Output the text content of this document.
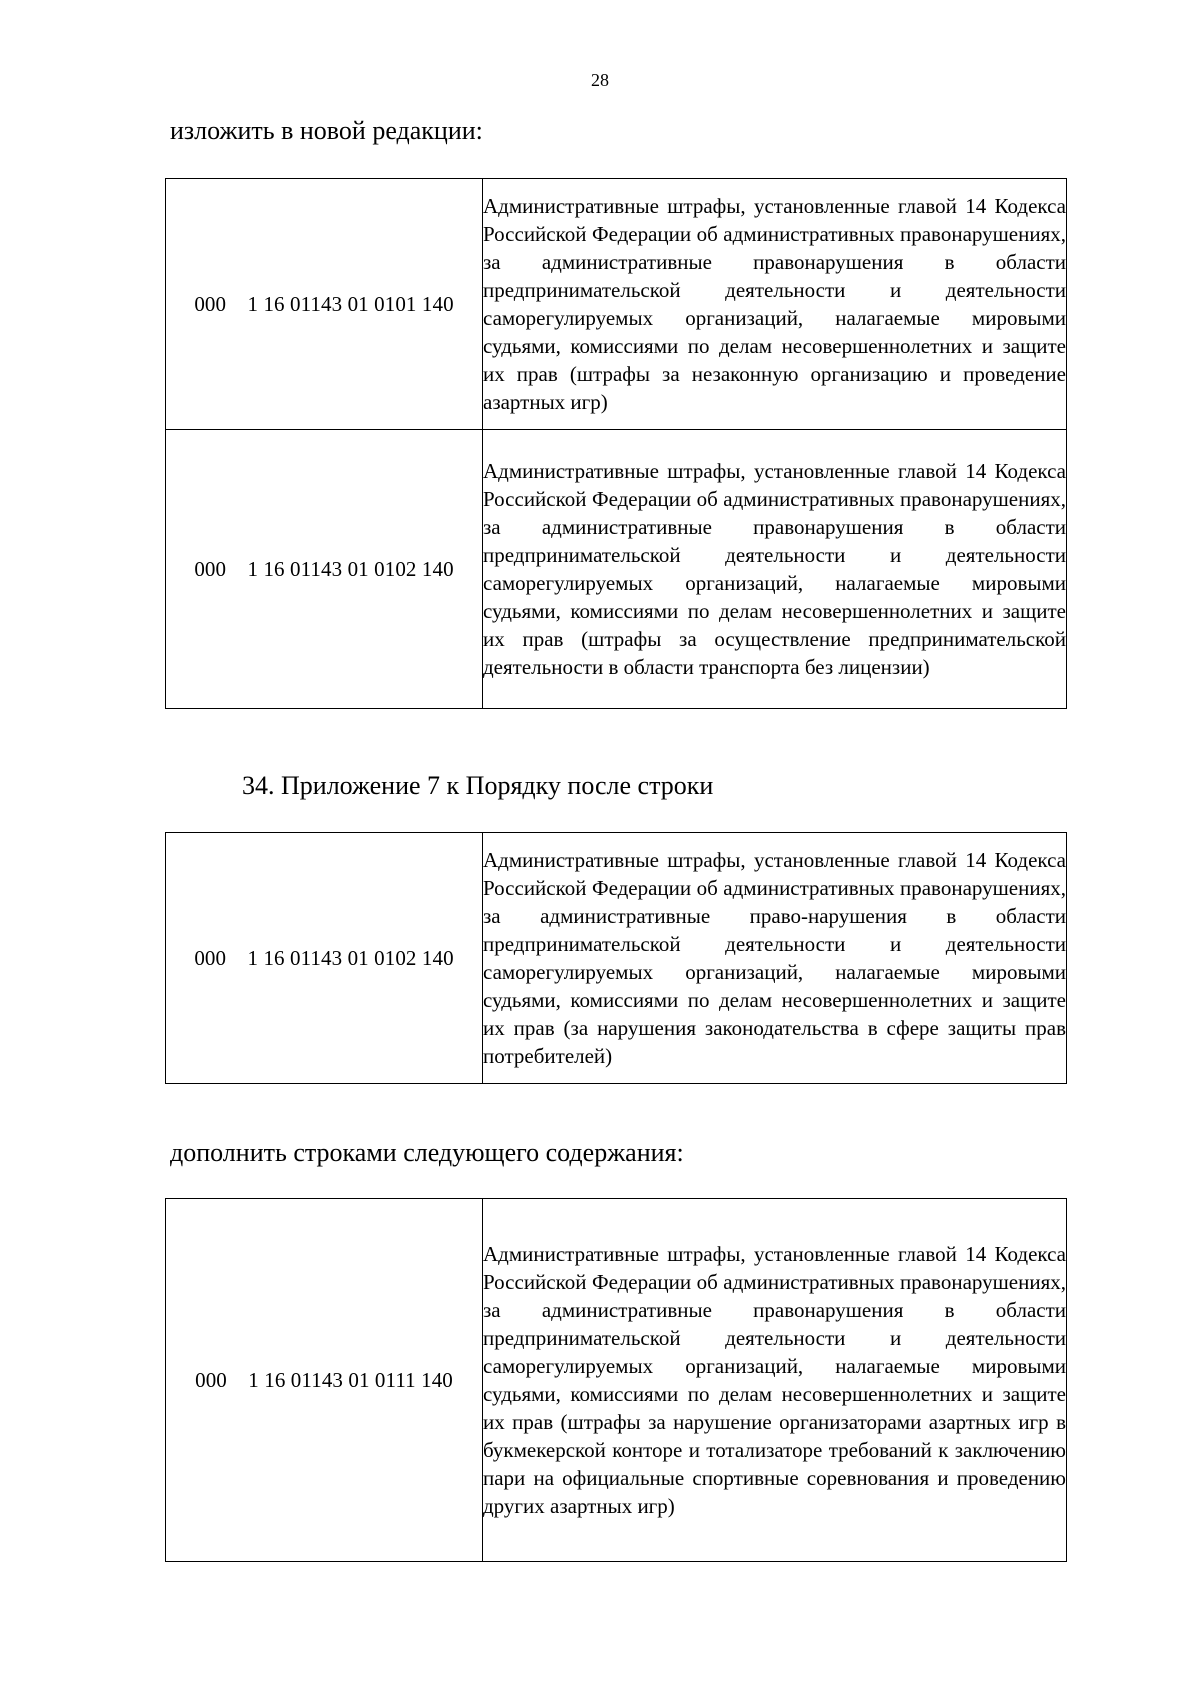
28
изложить в новой редакции:
000    1 16 01143 01 0101 140	Административные штрафы, установленные главой 14 Кодекса Российской Федерации об административных правонарушениях, за административные правонарушения в области предпринимательской деятельности и деятельности саморегулируемых организаций, налагаемые мировыми судьями, комиссиями по делам несовершеннолетних и защите их прав (штрафы за незаконную организацию и проведение азартных игр)
000    1 16 01143 01 0102 140	Административные штрафы, установленные главой 14 Кодекса Российской Федерации об административных правонарушениях, за административные правонарушения в области предпринимательской деятельности и деятельности саморегулируемых организаций, налагаемые мировыми судьями, комиссиями по делам несовершеннолетних и защите их прав (штрафы за осуществление предпринимательской деятельности в области транспорта без лицензии)
34. Приложение 7 к Порядку после строки
000    1 16 01143 01 0102 140	Административные штрафы, установленные главой 14 Кодекса Российской Федерации об административных правонарушениях, за административные право-нарушения в области предпринимательской деятельности и деятельности саморегулируемых организаций, налагаемые мировыми судьями, комиссиями по делам несовершеннолетних и защите их прав (за нарушения законодательства в сфере защиты прав потребителей)
дополнить строками следующего содержания:
000    1 16 01143 01 0111 140	Административные штрафы, установленные главой 14 Кодекса Российской Федерации об административных правонарушениях, за административные правонарушения в области предпринимательской деятельности и деятельности саморегулируемых организаций, налагаемые мировыми судьями, комиссиями по делам несовершеннолетних и защите их прав (штрафы за нарушение организаторами азартных игр в букмекерской конторе и тотализаторе требований к заключению пари на официальные спортивные соревнования и проведению других азартных игр)
